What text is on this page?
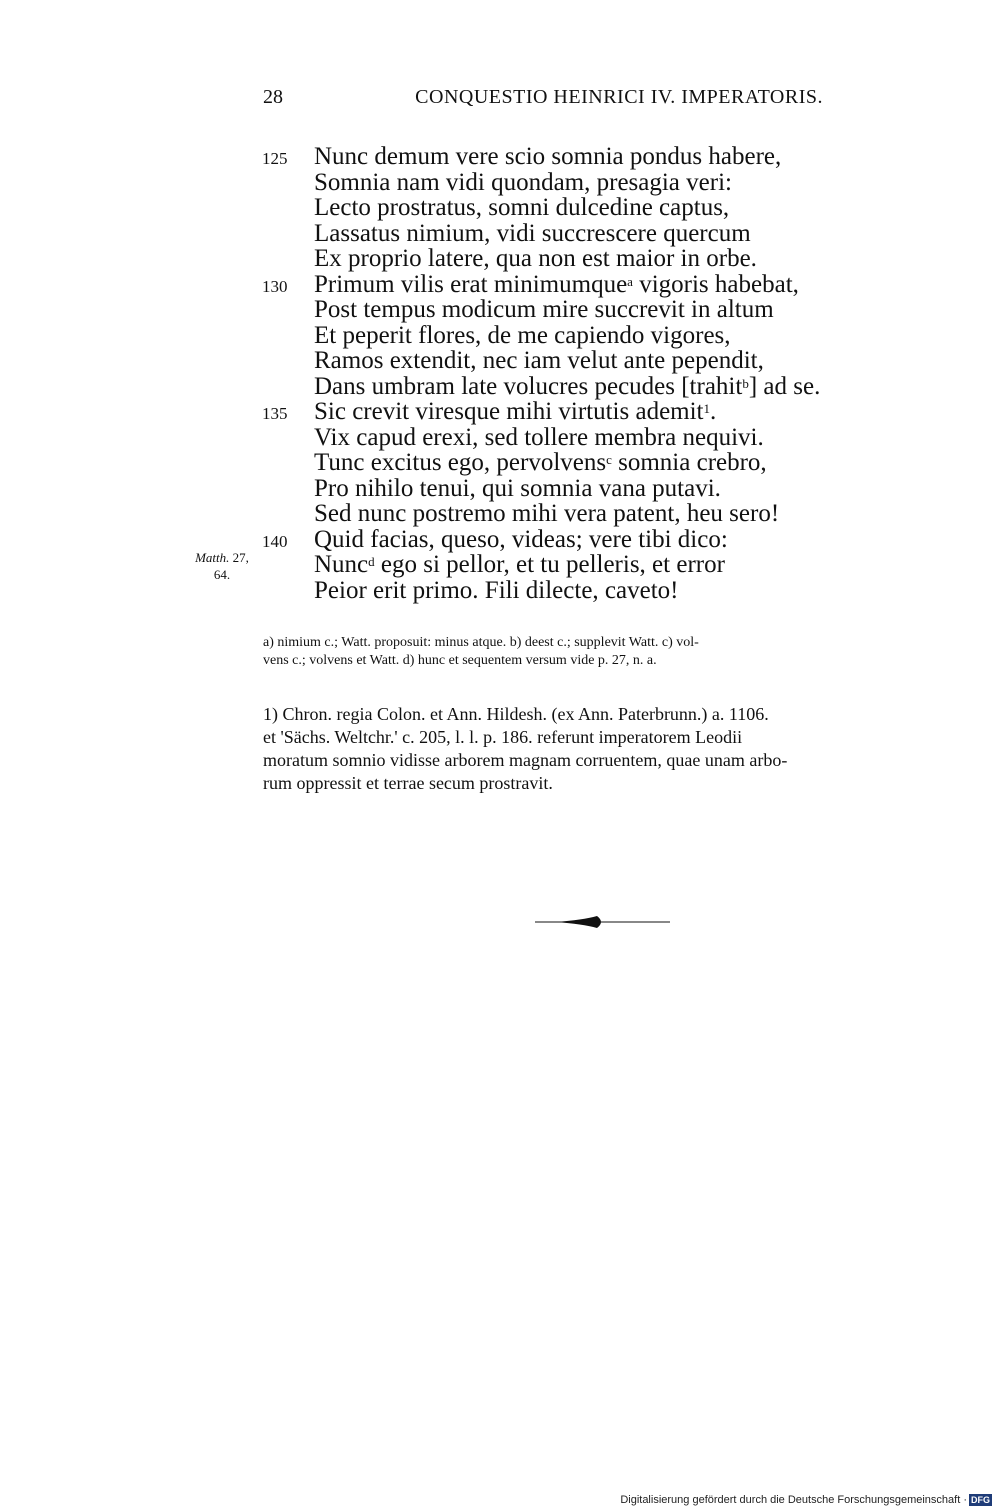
28	CONQUESTIO HEINRICI IV. IMPERATORIS.
125 Nunc demum vere scio somnia pondus habere,
Somnia nam vidi quondam, presagia veri:
Lecto prostratus, somni dulcedine captus,
Lassatus nimium, vidi succrescere quercum
Ex proprio latere, qua non est maior in orbe.
130 Primum vilis erat minimumque$^a$ vigoris habebat,
Post tempus modicum mire succrevit in altum
Et peperit flores, de me capiendo vigores,
Ramos extendit, nec iam velut ante pependit,
Dans umbram late volucres pecudes [trahit$^b$] ad se.
135 Sic crevit viresque mihi virtutis ademit$^1$.
Vix capud erexi, sed tollere membra nequivi.
Tunc excitus ego, pervolvens$^c$ somnia crebro,
Pro nihilo tenui, qui somnia vana putavi.
Sed nunc postremo mihi vera patent, heu sero!
140 Quid facias, queso, videas; vere tibi dico:
Nunc$^d$ ego si pellor, et tu pelleris, et error
Peior erit primo. Fili dilecte, caveto!
Matth. 27,
64.

a) nimium c.; Watt. proposuit: minus atque. b) deest c.; supplevit Watt. c) vol-

vens c.; volvens et Watt. d) hunc et sequentem versum vide p. 27, n. a.

1) Chron. regia Colon. et Ann. Hildesh. (ex Ann. Paterbrunn.) a. 1106.

et 'Sächs. Weltchr.' c. 205, l. l. p. 186. referunt imperatorem Leodii

moratum somnio vidisse arborem magnam corruentem, quae unam arbo-

rum oppressit et terrae secum prostravit.

Digitalisierung gefördert durch die Deutsche Forschungsgemeinschaft · DFG
